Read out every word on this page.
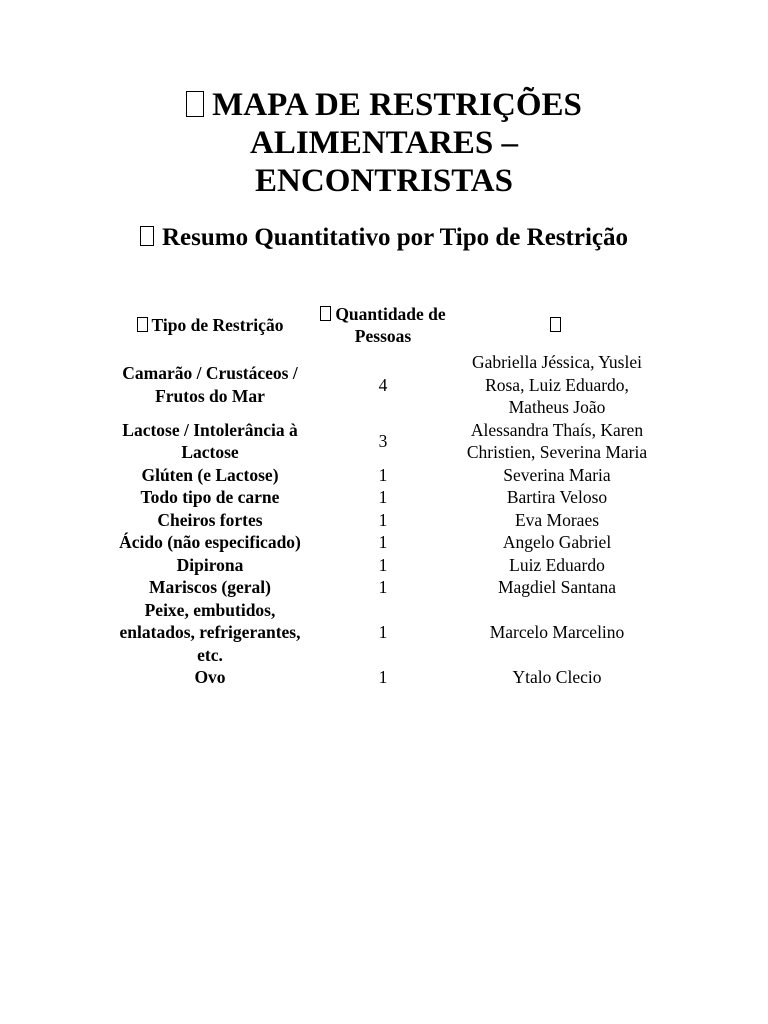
MAPA DE RESTRIÇÕES ALIMENTARES – ENCONTRISTAS
Resumo Quantitativo por Tipo de Restrição
Tipo de Restrição	Quantidade de Pessoas	
Camarão / Crustáceos / Frutos do Mar	4	Gabriella Jéssica, Yuslei Rosa, Luiz Eduardo, Matheus João
Lactose / Intolerância à Lactose	3	Alessandra Thaís, Karen Christien, Severina Maria
Glúten (e Lactose)	1	Severina Maria
Todo tipo de carne	1	Bartira Veloso
Cheiros fortes	1	Eva Moraes
Ácido (não especificado)	1	Angelo Gabriel
Dipirona	1	Luiz Eduardo
Mariscos (geral)	1	Magdiel Santana
Peixe, embutidos, enlatados, refrigerantes, etc.	1	Marcelo Marcelino
Ovo	1	Ytalo Clecio
